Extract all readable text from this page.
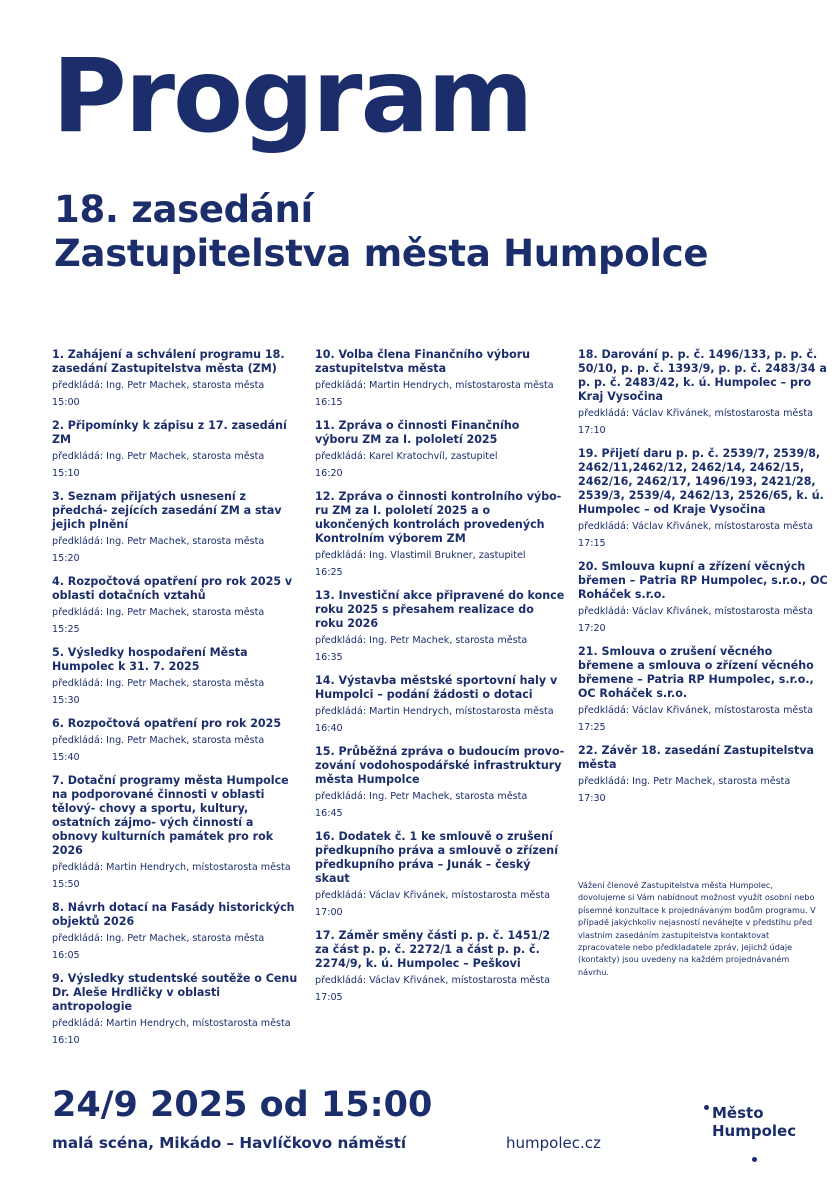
Program
18. zasedání
Zastupitelstva města Humpolce
1. Zahájení a schválení programu 18. zasedání Zastupitelstva města (ZM)
předkládá: Ing. Petr Machek, starosta města
15:00
2. Připomínky k zápisu z 17. zasedání ZM
předkládá: Ing. Petr Machek, starosta města
15:10
3. Seznam přijatých usnesení z předchá- zejících zasedání ZM a stav jejich plnění
předkládá: Ing. Petr Machek, starosta města
15:20
4. Rozpočtová opatření pro rok 2025 v oblasti dotačních vztahů
předkládá: Ing. Petr Machek, starosta města
15:25
5. Výsledky hospodaření Města Humpolec k 31. 7. 2025
předkládá: Ing. Petr Machek, starosta města
15:30
6. Rozpočtová opatření pro rok 2025
předkládá: Ing. Petr Machek, starosta města
15:40
7. Dotační programy města Humpolce na podporované činnosti v oblasti tělový- chovy a sportu, kultury, ostatních zájmo- vých činností a obnovy kulturních památek pro rok 2026
předkládá: Martin Hendrych, místostarosta města
15:50
8. Návrh dotací na Fasády historických objektů 2026
předkládá: Ing. Petr Machek, starosta města
16:05
9. Výsledky studentské soutěže o Cenu Dr. Aleše Hrdličky v oblasti antropologie
předkládá: Martin Hendrych, místostarosta města
16:10
10. Volba člena Finančního výboru zastupitelstva města
předkládá: Martin Hendrych, místostarosta města
16:15
11. Zpráva o činnosti Finančního výboru ZM za I. pololetí 2025
předkládá: Karel Kratochvíl, zastupitel
16:20
12. Zpráva o činnosti kontrolního výbo- ru ZM za I. pololetí 2025 a o ukončených kontrolách provedených Kontrolním výborem ZM
předkládá: Ing. Vlastimil Brukner, zastupitel
16:25
13. Investiční akce připravené do konce roku 2025 s přesahem realizace do roku 2026
předkládá: Ing. Petr Machek, starosta města
16:35
14. Výstavba městské sportovní haly v Humpolci – podání žádosti o dotaci
předkládá: Martin Hendrych, místostarosta města
16:40
15. Průběžná zpráva o budoucím provo- zování vodohospodářské infrastruktury města Humpolce
předkládá: Ing. Petr Machek, starosta města
16:45
16. Dodatek č. 1 ke smlouvě o zrušení předkupního práva a smlouvě o zřízení předkupního práva – Junák – český skaut
předkládá: Václav Křivánek, místostarosta města
17:00
17. Záměr směny části p. p. č. 1451/2 za část p. p. č. 2272/1 a část p. p. č. 2274/9, k. ú. Humpolec – Peškovi
předkládá: Václav Křivánek, místostarosta města
17:05
18. Darování p. p. č. 1496/133, p. p. č. 50/10, p. p. č. 1393/9, p. p. č. 2483/34 a p. p. č. 2483/42, k. ú. Humpolec – pro Kraj Vysočina
předkládá: Václav Křivánek, místostarosta města
17:10
19. Přijetí daru p. p. č. 2539/7, 2539/8, 2462/11,2462/12, 2462/14, 2462/15, 2462/16, 2462/17, 1496/193, 2421/28, 2539/3, 2539/4, 2462/13, 2526/65, k. ú. Humpolec – od Kraje Vysočina
předkládá: Václav Křivánek, místostarosta města
17:15
20. Smlouva kupní a zřízení věcných břemen – Patria RP Humpolec, s.r.o., OC Roháček s.r.o.
předkládá: Václav Křivánek, místostarosta města
17:20
21. Smlouva o zrušení věcného břemene a smlouva o zřízení věcného břemene – Patria RP Humpolec, s.r.o., OC Roháček s.r.o.
předkládá: Václav Křivánek, místostarosta města
17:25
22. Závěr 18. zasedání Zastupitelstva města
předkládá: Ing. Petr Machek, starosta města
17:30
Vážení členové Zastupitelstva města Humpolec, dovolujeme si Vám nabídnout možnost využít osobní nebo písemné konzultace k projednávaným bodům programu. V případě jakýchkoliv nejasností neváhejte v předstihu před vlastním zasedáním zastupitelstva kontaktovat zpracovatele nebo předkladatele zpráv, jejichž údaje (kontakty) jsou uvedeny na každém projednávaném návrhu.
24/9 2025 od 15:00
malá scéna, Mikádo – Havlíčkovo náměstí	humpolec.cz
Město
Humpolec
